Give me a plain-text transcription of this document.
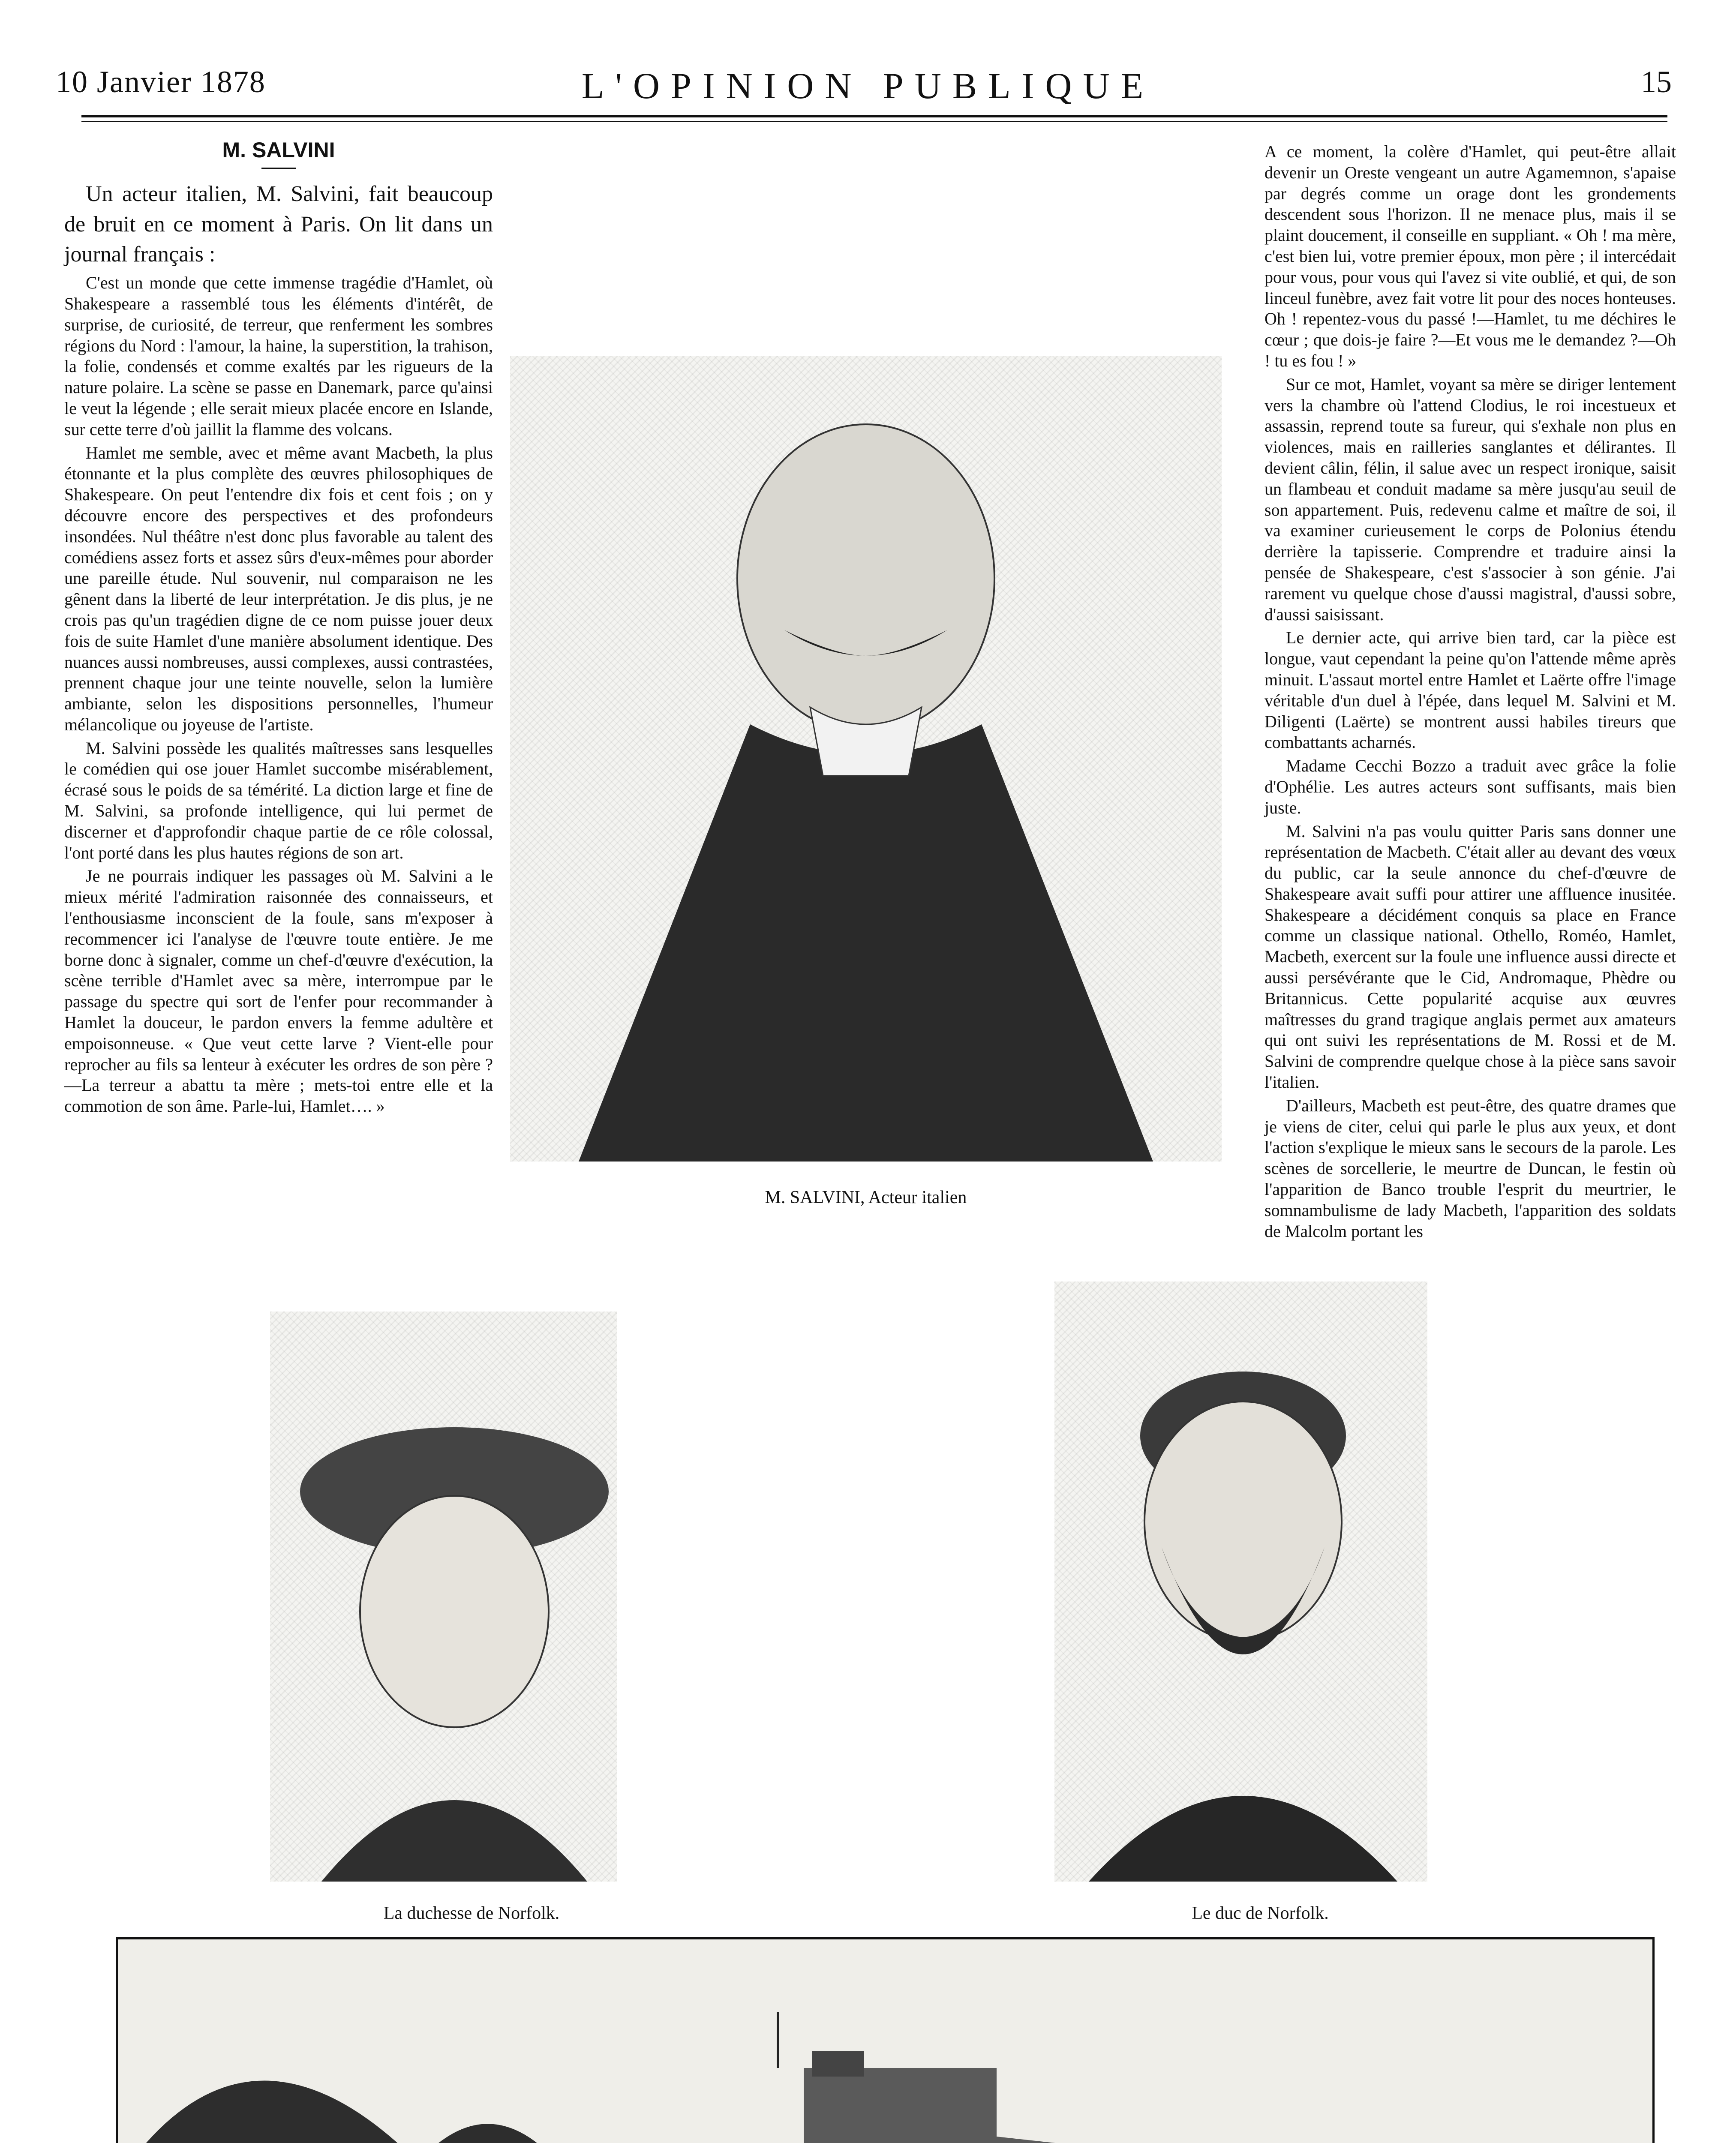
10 Janvier 1878	L'OPINION PUBLIQUE	15
M. SALVINI

Un acteur italien, M. Salvini, fait beaucoup de bruit en ce moment à Paris. On lit dans un journal français :

C'est un monde que cette immense tragédie d'Hamlet, où Shakespeare a rassemblé tous les éléments d'intérêt, de surprise, de curiosité, de terreur, que renferment les sombres régions du Nord : l'amour, la haine, la superstition, la trahison, la folie, condensés et comme exaltés par les rigueurs de la nature polaire. La scène se passe en Danemark, parce qu'ainsi le veut la légende ; elle serait mieux placée encore en Islande, sur cette terre d'où jaillit la flamme des volcans.

Hamlet me semble, avec et même avant Macbeth, la plus étonnante et la plus complète des œuvres philosophiques de Shakespeare. On peut l'entendre dix fois et cent fois ; on y découvre encore des perspectives et des profondeurs insondées. Nul théâtre n'est donc plus favorable au talent des comédiens assez forts et assez sûrs d'eux-mêmes pour aborder une pareille étude. Nul souvenir, nul comparaison ne les gênent dans la liberté de leur interprétation. Je dis plus, je ne crois pas qu'un tragédien digne de ce nom puisse jouer deux fois de suite Hamlet d'une manière absolument identique. Des nuances aussi nombreuses, aussi complexes, aussi contrastées, prennent chaque jour une teinte nouvelle, selon la lumière ambiante, selon les dispositions personnelles, l'humeur mélancolique ou joyeuse de l'artiste.

M. Salvini possède les qualités maîtresses sans lesquelles le comédien qui ose jouer Hamlet succombe misérablement, écrasé sous le poids de sa témérité. La diction large et fine de M. Salvini, sa profonde intelligence, qui lui permet de discerner et d'approfondir chaque partie de ce rôle colossal, l'ont porté dans les plus hautes régions de son art.

Je ne pourrais indiquer les passages où M. Salvini a le mieux mérité l'admiration raisonnée des connaisseurs, et l'enthousiasme inconscient de la foule, sans m'exposer à recommencer ici l'analyse de l'œuvre toute entière. Je me borne donc à signaler, comme un chef-d'œuvre d'exécution, la scène terrible d'Hamlet avec sa mère, interrompue par le passage du spectre qui sort de l'enfer pour recommander à Hamlet la douceur, le pardon envers la femme adultère et empoisonneuse. « Que veut cette larve ? Vient-elle pour reprocher au fils sa lenteur à exécuter les ordres de son père ?—La terreur a abattu ta mère ; mets-toi entre elle et la commotion de son âme. Parle-lui, Hamlet…. »

M. SALVINI, Acteur italien

A ce moment, la colère d'Hamlet, qui peut-être allait devenir un Oreste vengeant un autre Agamemnon, s'apaise par degrés comme un orage dont les grondements descendent sous l'horizon. Il ne menace plus, mais il se plaint doucement, il conseille en suppliant. « Oh ! ma mère, c'est bien lui, votre premier époux, mon père ; il intercédait pour vous, pour vous qui l'avez si vite oublié, et qui, de son linceul funèbre, avez fait votre lit pour des noces honteuses. Oh ! repentez-vous du passé !—Hamlet, tu me déchires le cœur ; que dois-je faire ?—Et vous me le demandez ?—Oh ! tu es fou ! »

Sur ce mot, Hamlet, voyant sa mère se diriger lentement vers la chambre où l'attend Clodius, le roi incestueux et assassin, reprend toute sa fureur, qui s'exhale non plus en violences, mais en railleries sanglantes et délirantes. Il devient câlin, félin, il salue avec un respect ironique, saisit un flambeau et conduit madame sa mère jusqu'au seuil de son appartement. Puis, redevenu calme et maître de soi, il va examiner curieusement le corps de Polonius étendu derrière la tapisserie. Comprendre et traduire ainsi la pensée de Shakespeare, c'est s'associer à son génie. J'ai rarement vu quelque chose d'aussi magistral, d'aussi sobre, d'aussi saisissant.

Le dernier acte, qui arrive bien tard, car la pièce est longue, vaut cependant la peine qu'on l'attende même après minuit. L'assaut mortel entre Hamlet et Laërte offre l'image véritable d'un duel à l'épée, dans lequel M. Salvini et M. Diligenti (Laërte) se montrent aussi habiles tireurs que combattants acharnés.

Madame Cecchi Bozzo a traduit avec grâce la folie d'Ophélie. Les autres acteurs sont suffisants, mais bien juste.

M. Salvini n'a pas voulu quitter Paris sans donner une représentation de Macbeth. C'était aller au devant des vœux du public, car la seule annonce du chef-d'œuvre de Shakespeare avait suffi pour attirer une affluence inusitée. Shakespeare a décidément conquis sa place en France comme un classique national. Othello, Roméo, Hamlet, Macbeth, exercent sur la foule une influence aussi directe et aussi persévérante que le Cid, Andromaque, Phèdre ou Britannicus. Cette popularité acquise aux œuvres maîtresses du grand tragique anglais permet aux amateurs qui ont suivi les représentations de M. Rossi et de M. Salvini de comprendre quelque chose à la pièce sans savoir l'italien.

D'ailleurs, Macbeth est peut-être, des quatre drames que je viens de citer, celui qui parle le plus aux yeux, et dont l'action s'explique le mieux sans le secours de la parole. Les scènes de sorcellerie, le meurtre de Duncan, le festin où l'apparition de Banco trouble l'esprit du meurtrier, le somnambulisme de lady Macbeth, l'apparition des soldats de Malcolm portant les

La duchesse de Norfolk.	Le duc de Norfolk.
